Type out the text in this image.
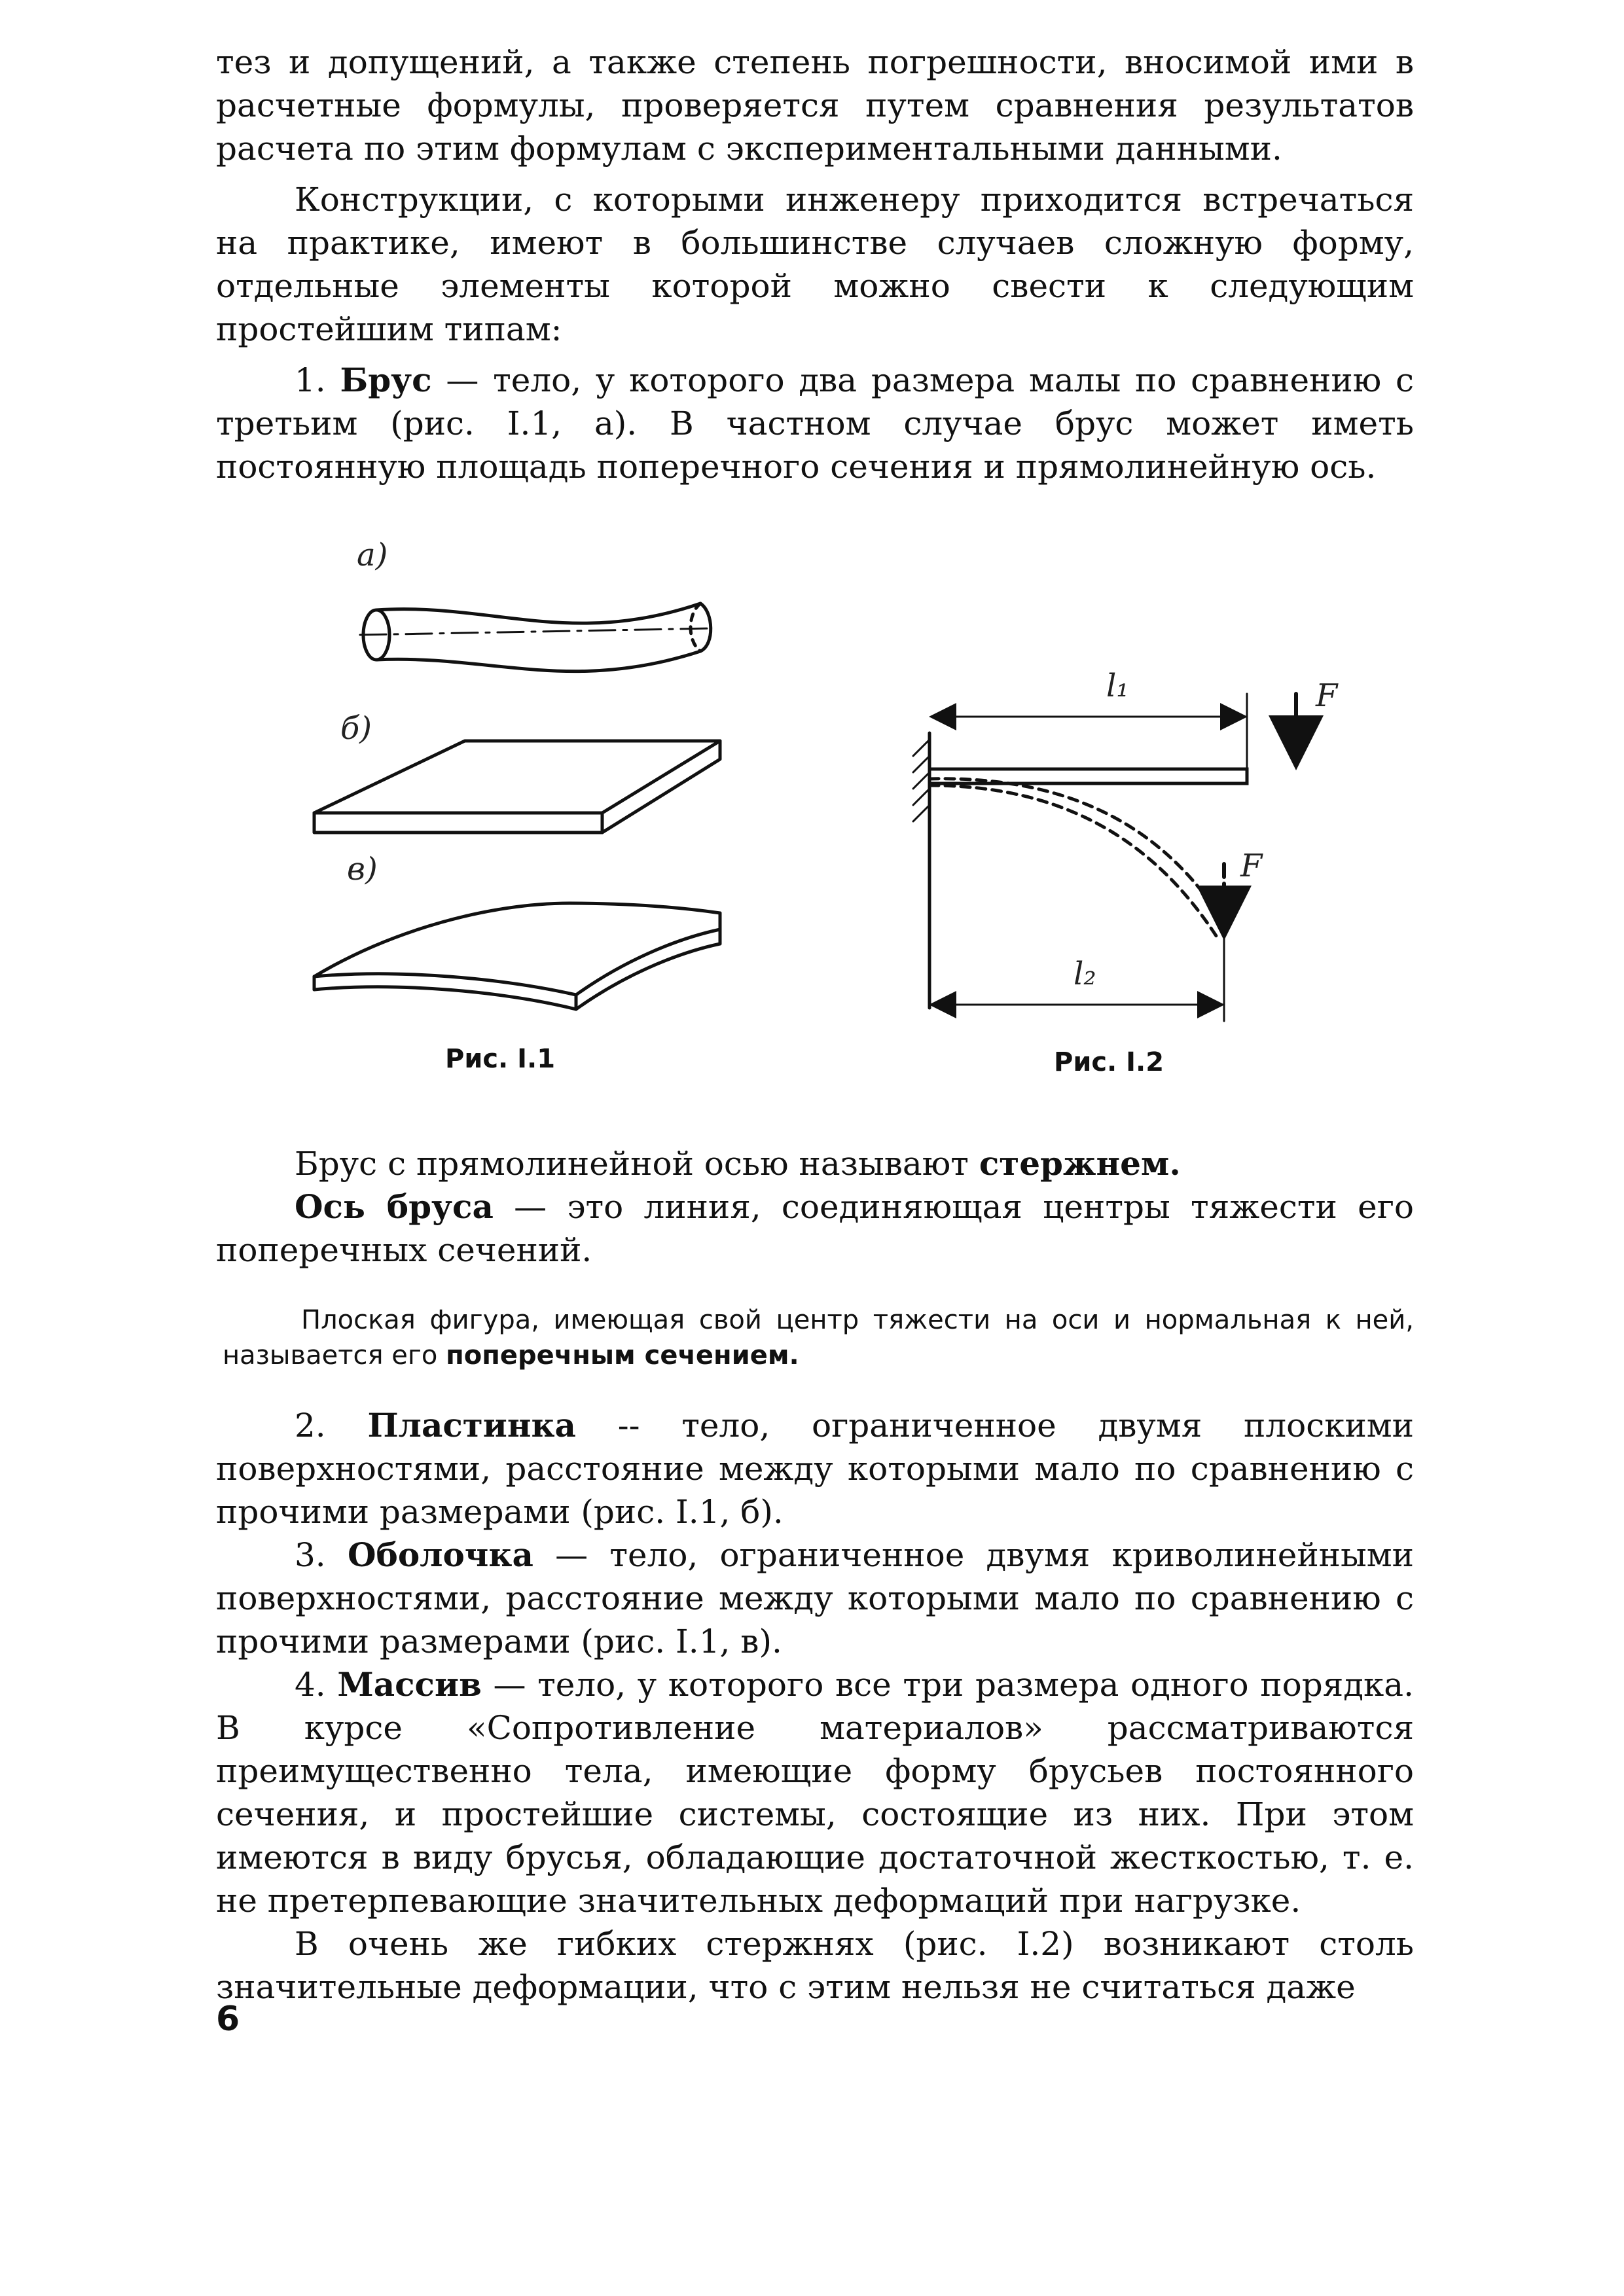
тез и допущений, а также степень погрешности, вносимой ими в расчетные формулы, проверяется путем сравнения результатов расчета по этим формулам с экспериментальными данными.

Конструкции, с которыми инженеру приходится встречаться на практике, имеют в большинстве случаев сложную форму, отдельные элементы которой можно свести к следующим простейшим типам:

1. Брус — тело, у которого два размера малы по сравнению с третьим (рис. I.1, а). В частном случае брус может иметь постоянную площадь поперечного сечения и прямолинейную ось.

а)
б)
в)
Рис. I.1
l₁	F
F
l₂
Рис. I.2

Брус с прямолинейной осью называют стержнем.

Ось бруса — это линия, соединяющая центры тяжести его поперечных сечений.

Плоская фигура, имеющая свой центр тяжести на оси и нормальная к ней, называется его поперечным сечением.

2. Пластинка -- тело, ограниченное двумя плоскими поверхностями, расстояние между которыми мало по сравнению с прочими размерами (рис. I.1, б).

3. Оболочка — тело, ограниченное двумя криволинейными поверхностями, расстояние между которыми мало по сравнению с прочими размерами (рис. I.1, в).

4. Массив — тело, у которого все три размера одного порядка. В курсе «Сопротивление материалов» рассматриваются преимущественно тела, имеющие форму брусьев постоянного сечения, и простейшие системы, состоящие из них. При этом имеются в виду брусья, обладающие достаточной жесткостью, т. е. не претерпевающие значительных деформаций при нагрузке.

В очень же гибких стержнях (рис. I.2) возникают столь значительные деформации, что с этим нельзя не считаться даже

6
